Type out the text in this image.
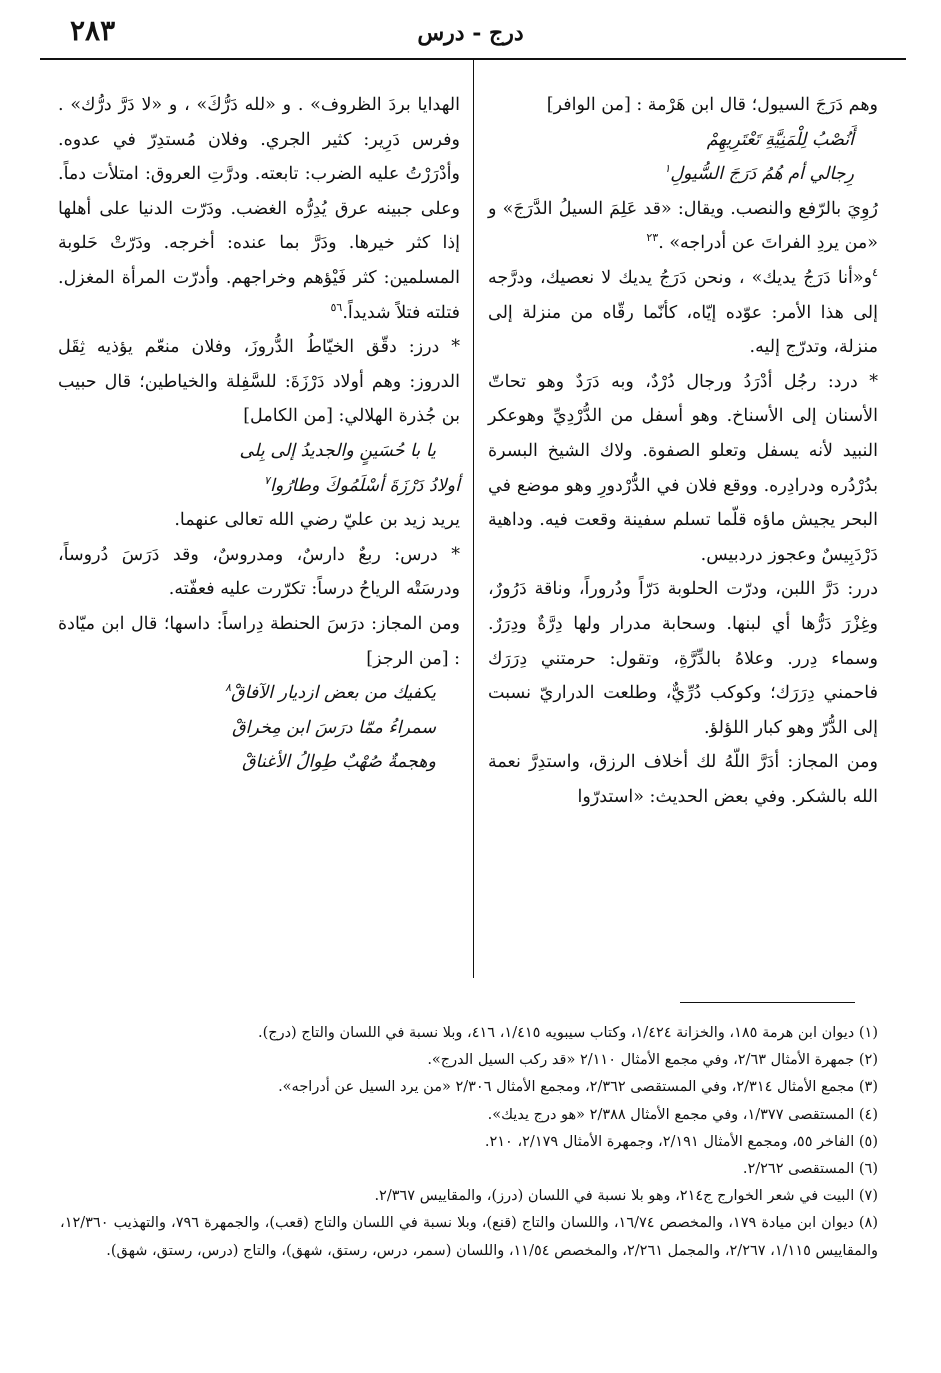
٢٨٣	درج - درس

وهم دَرَجَ السيول؛ قال ابن هَرْمة : [من الوافر]

أَنُصْبُ لِلْمَنِيَّةِ تَعْتَرِيهِمْ

رِجالي أم هُمُ دَرَجَ السُّيولِ$^١$

رُوِيَ بالرّفع والنصب. ويقال: «قد عَلِمَ السيلُ الدَّرَجَ» و «من يردِ الفراتَ عن أدراجه» .$^{٢٣}$

$^٤$و«أنا دَرَجُ يديك» ، ونحن دَرَجُ يديك لا نعصيك، ودرَّجه إلى هذا الأمر: عوّده إيّاه، كأنّما رقّاه من منزلة إلى منزلة، وتدرّج إليه.

* درد: رجُل أدْرَدُ ورجال دُرْدٌ، وبه دَرَدٌ وهو تحاتّ الأسنان إلى الأسناخ. وهو أسفل من الدُّرْدِيِّ وهوعكر النبيد لأنه يسفل وتعلو الصفوة. ولاك الشيخ البسرة بدُرْدُره ودرادِره. ووقع فلان في الدُّرْدورِ وهو موضع في البحر يجيش ماؤه قلّما تسلم سفينة وقعت فيه. وداهية دَرْدَبِيسٌ وعجوز دردبيس.

درر: دَرَّ اللبن، ودرّت الحلوبة دَرّاً ودُروراً، وناقة دَرُورٌ، وغِزْرَ دَرُّها أي لبنها. وسحابة مدرار ولها دِرَّةٌ ودِرَرٌ. وسماء دِرر. وعلاهُ بالدِّرَّةِ، وتقول: حرمتني دِرَرَك فاحمني دِرَرَك؛ وكوكب دُرِّيٌّ، وطلعت الدراريّ نسبت إلى الدُّرّ وهو كبار اللؤلؤ.

ومن المجاز: أدَرَّ اللّهُ لك أخلاف الرزق، واستدِرَّ نعمة الله بالشكر. وفي بعض الحديث: «استدرّوا

الهدايا بردَ الظروف» . و «لله دَرُّكَ» ، و «لا دَرَّ درُّك» . وفرس دَرِير: كثير الجري. وفلان مُستدِرّ في عدوه. وأدْرَرْتُ عليه الضرب: تابعته. ودرَّتِ العروق: امتلأت دماً. وعلى جبينه عرق يُدِرُّه الغضب. ودَرّت الدنيا على أهلها إذا كثر خيرها. ودَرَّ بما عنده: أخرجه. ودَرّتْ حَلوبة المسلمين: كثر فَيْؤهم وخراجهم. وأدرّت المرأة المغزل. فتلته فتلاً شديداً.$^{٥٦}$

* درز: دقّق الخيّاطُ الدُّروزَ، وفلان منعّم يؤذيه ثِقَل الدروز: وهم أولاد دَرْزَةَ: للسَّفِلة والخياطين؛ قال حبيب بن جُذرة الهلالي: [من الكامل]

يا با حُسَينٍ والجديدُ إلى بِلى

أولادُ دَرْزَةَ أسْلَمُوكَ وطارُوا$^٧$

يريد زيد بن عليّ رضي الله تعالى عنهما.

* درس: ربعٌ دارسٌ، ومدروسٌ، وقد دَرَسَ دُروساً، ودرسَتْه الرياحُ درساً: تكرّرت عليه فعفّته.

ومن المجاز: درَسَ الحنطة دِراساً: داسها؛ قال ابن ميّادة : [من الرجز]

يكفيك من بعض ازديار الآفاقْ$^٨$

سمراءُ ممّا درَسَ ابن مِخراقْ

وهجمةٌ صُهْبٌ طِوالُ الأغناقْ

(١) ديوان ابن هرمة ١٨٥، والخزانة ١/٤٢٤، وكتاب سيبويه ١/٤١٥، ٤١٦، وبلا نسبة في اللسان والتاج (درج).

(٢) جمهرة الأمثال ٢/٦٣، وفي مجمع الأمثال ٢/١١٠ «قد ركب السيل الدرج».

(٣) مجمع الأمثال ٢/٣١٤، وفي المستقصى ٢/٣٦٢، ومجمع الأمثال ٢/٣٠٦ «من يرد السيل عن أدراجه».

(٤) المستقصى ١/٣٧٧، وفي مجمع الأمثال ٢/٣٨٨ «هو درج يديك».

(٥) الفاخر ٥٥، ومجمع الأمثال ٢/١٩١، وجمهرة الأمثال ٢/١٧٩، ٢١٠.

(٦) المستقصى ٢/٢٦٢.

(٧) البيت في شعر الخوارج ج٢١٤، وهو بلا نسبة في اللسان (درز)، والمقاييس ٢/٣٦٧.

(٨) ديوان ابن ميادة ١٧٩، والمخصص ١٦/٧٤، واللسان والتاج (قنع)، وبلا نسبة في اللسان والتاج (قعب)، والجمهرة ٧٩٦، والتهذيب ١٢/٣٦٠، والمقاييس ١/١١٥، ٢/٢٦٧، والمجمل ٢/٢٦١، والمخصص ١١/٥٤، واللسان (سمر، درس، رستق، شهق)، والتاج (درس، رستق، شهق).
